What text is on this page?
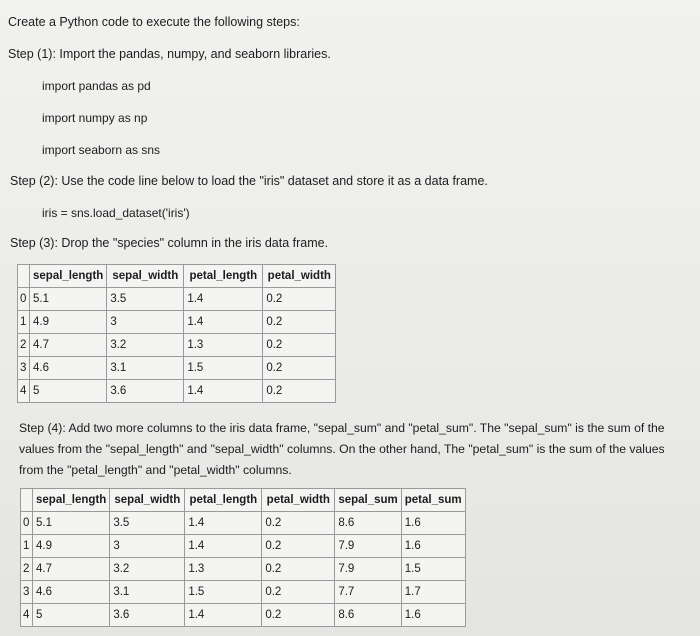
Create a Python code to execute the following steps:
Step (1): Import the pandas, numpy, and seaborn libraries.
import pandas as pd
import numpy as np
import seaborn as sns
Step (2): Use the code line below to load the "iris" dataset and store it as a data frame.
iris = sns.load_dataset('iris')
Step (3): Drop the "species" column in the iris data frame.
	sepal_length	sepal_width	petal_length	petal_width
0	5.1	3.5	1.4	0.2
1	4.9	3	1.4	0.2
2	4.7	3.2	1.3	0.2
3	4.6	3.1	1.5	0.2
4	5	3.6	1.4	0.2
Step (4): Add two more columns to the iris data frame, "sepal_sum" and "petal_sum". The "sepal_sum" is the sum of the values from the "sepal_length" and "sepal_width" columns. On the other hand, The "petal_sum" is the sum of the values from the "petal_length" and "petal_width" columns.
	sepal_length	sepal_width	petal_length	petal_width	sepal_sum	petal_sum
0	5.1	3.5	1.4	0.2	8.6	1.6
1	4.9	3	1.4	0.2	7.9	1.6
2	4.7	3.2	1.3	0.2	7.9	1.5
3	4.6	3.1	1.5	0.2	7.7	1.7
4	5	3.6	1.4	0.2	8.6	1.6
